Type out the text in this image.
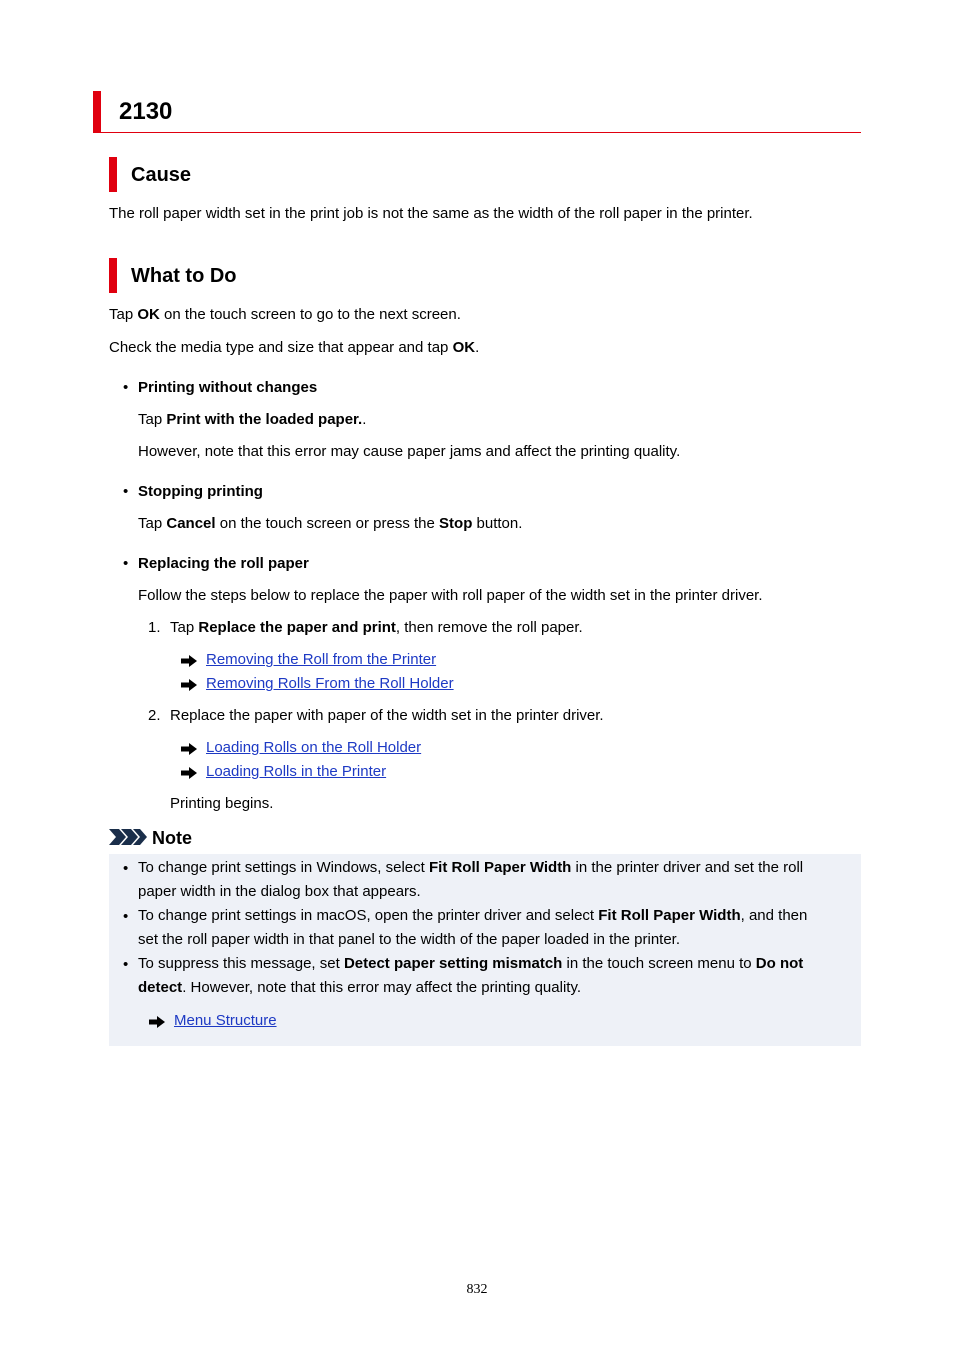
2130
Cause
The roll paper width set in the print job is not the same as the width of the roll paper in the printer.
What to Do
Tap OK on the touch screen to go to the next screen.
Check the media type and size that appear and tap OK.
• Printing without changes
Tap Print with the loaded paper..
However, note that this error may cause paper jams and affect the printing quality.
• Stopping printing
Tap Cancel on the touch screen or press the Stop button.
• Replacing the roll paper
Follow the steps below to replace the paper with roll paper of the width set in the printer driver.
1. Tap Replace the paper and print, then remove the roll paper.
Removing the Roll from the Printer
Removing Rolls From the Roll Holder
2. Replace the paper with paper of the width set in the printer driver.
Loading Rolls on the Roll Holder
Loading Rolls in the Printer
Printing begins.
Note
• To change print settings in Windows, select Fit Roll Paper Width in the printer driver and set the roll
paper width in the dialog box that appears.
• To change print settings in macOS, open the printer driver and select Fit Roll Paper Width, and then
set the roll paper width in that panel to the width of the paper loaded in the printer.
• To suppress this message, set Detect paper setting mismatch in the touch screen menu to Do not
detect. However, note that this error may affect the printing quality.
Menu Structure
832
